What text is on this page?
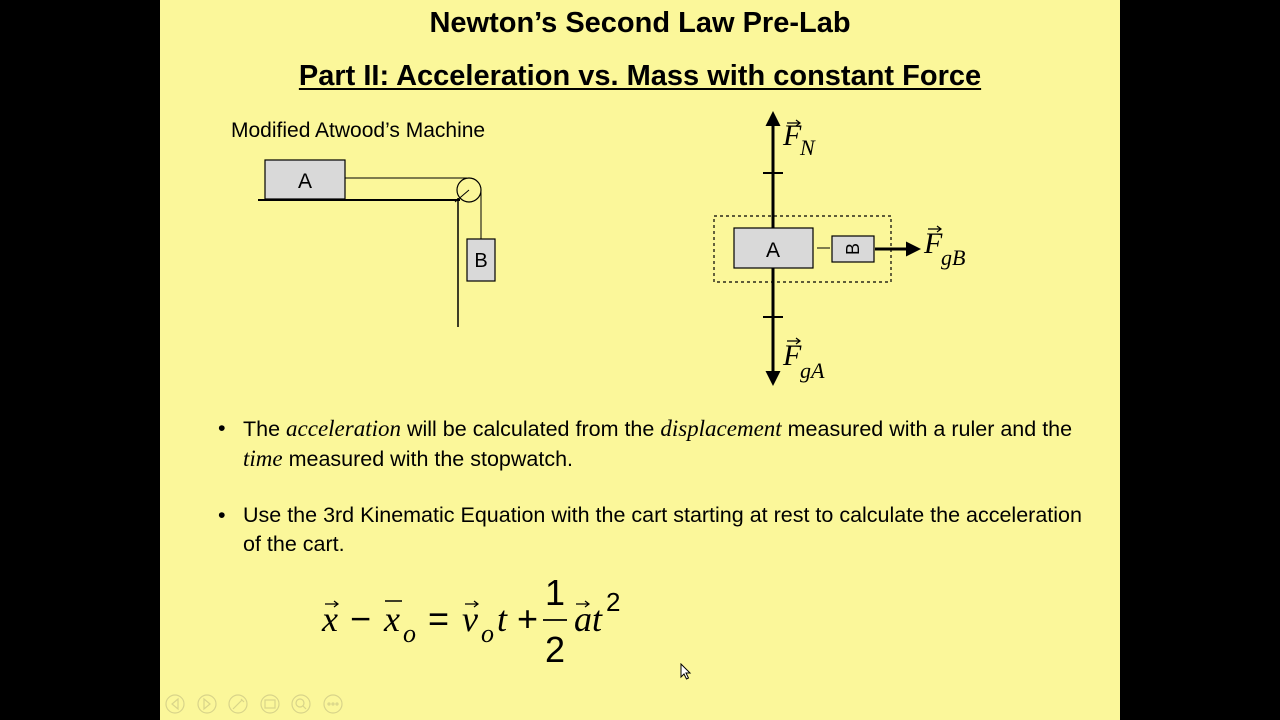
Newton’s Second Law Pre-Lab
Part II: Acceleration vs. Mass with constant Force
Modified Atwood’s Machine
A
B	A	B
F
N
F
gA
F
gB
• The acceleration will be calculated from the displacement measured with a ruler and the time measured with the stopwatch.
• Use the 3rd Kinematic Equation with the cart starting at rest to calculate the acceleration of the cart.
x − x o = v o t +
1
2
a t 2
